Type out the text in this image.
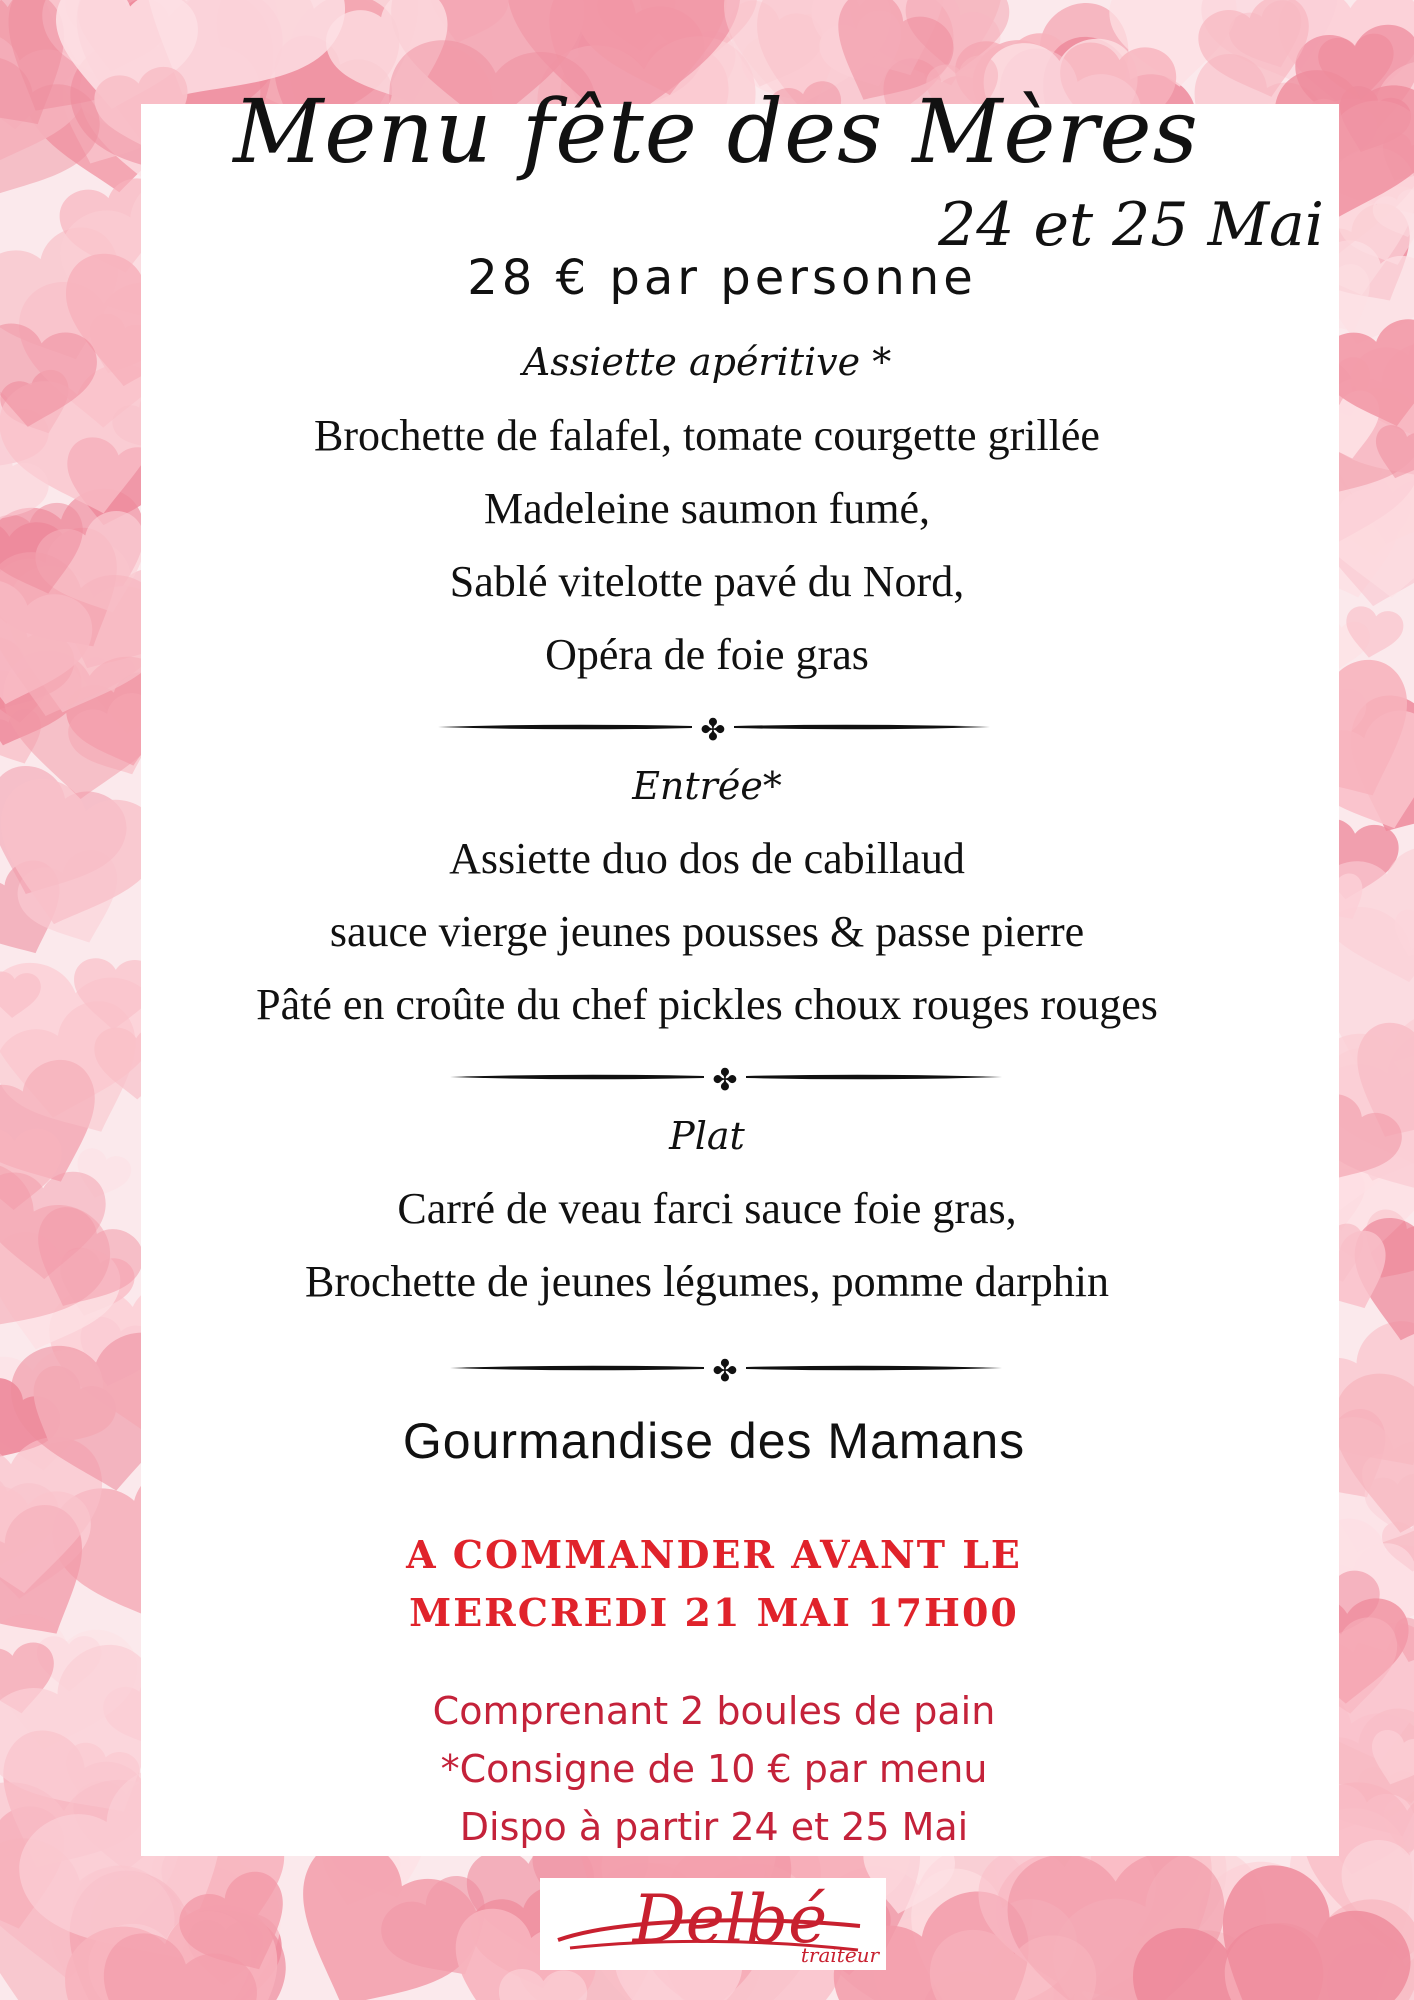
Menu fête des Mères
24 et 25 Mai
28 € par personne
Assiette apéritive *
Brochette de falafel, tomate courgette grillée
Madeleine saumon fumé,
Sablé vitelotte pavé du Nord,
Opéra de foie gras
✤
Entrée*
Assiette duo dos de cabillaud
sauce vierge jeunes pousses & passe pierre
Pâté en croûte du chef pickles choux rouges rouges
✤
Plat
Carré de veau farci sauce foie gras,
Brochette de jeunes légumes, pomme darphin
✤
Gourmandise des Mamans
A COMMANDER AVANT LE
MERCREDI 21 MAI 17H00
Comprenant 2 boules de pain
*Consigne de 10 € par menu
Dispo à partir 24 et 25 Mai
Delbé
traiteur
